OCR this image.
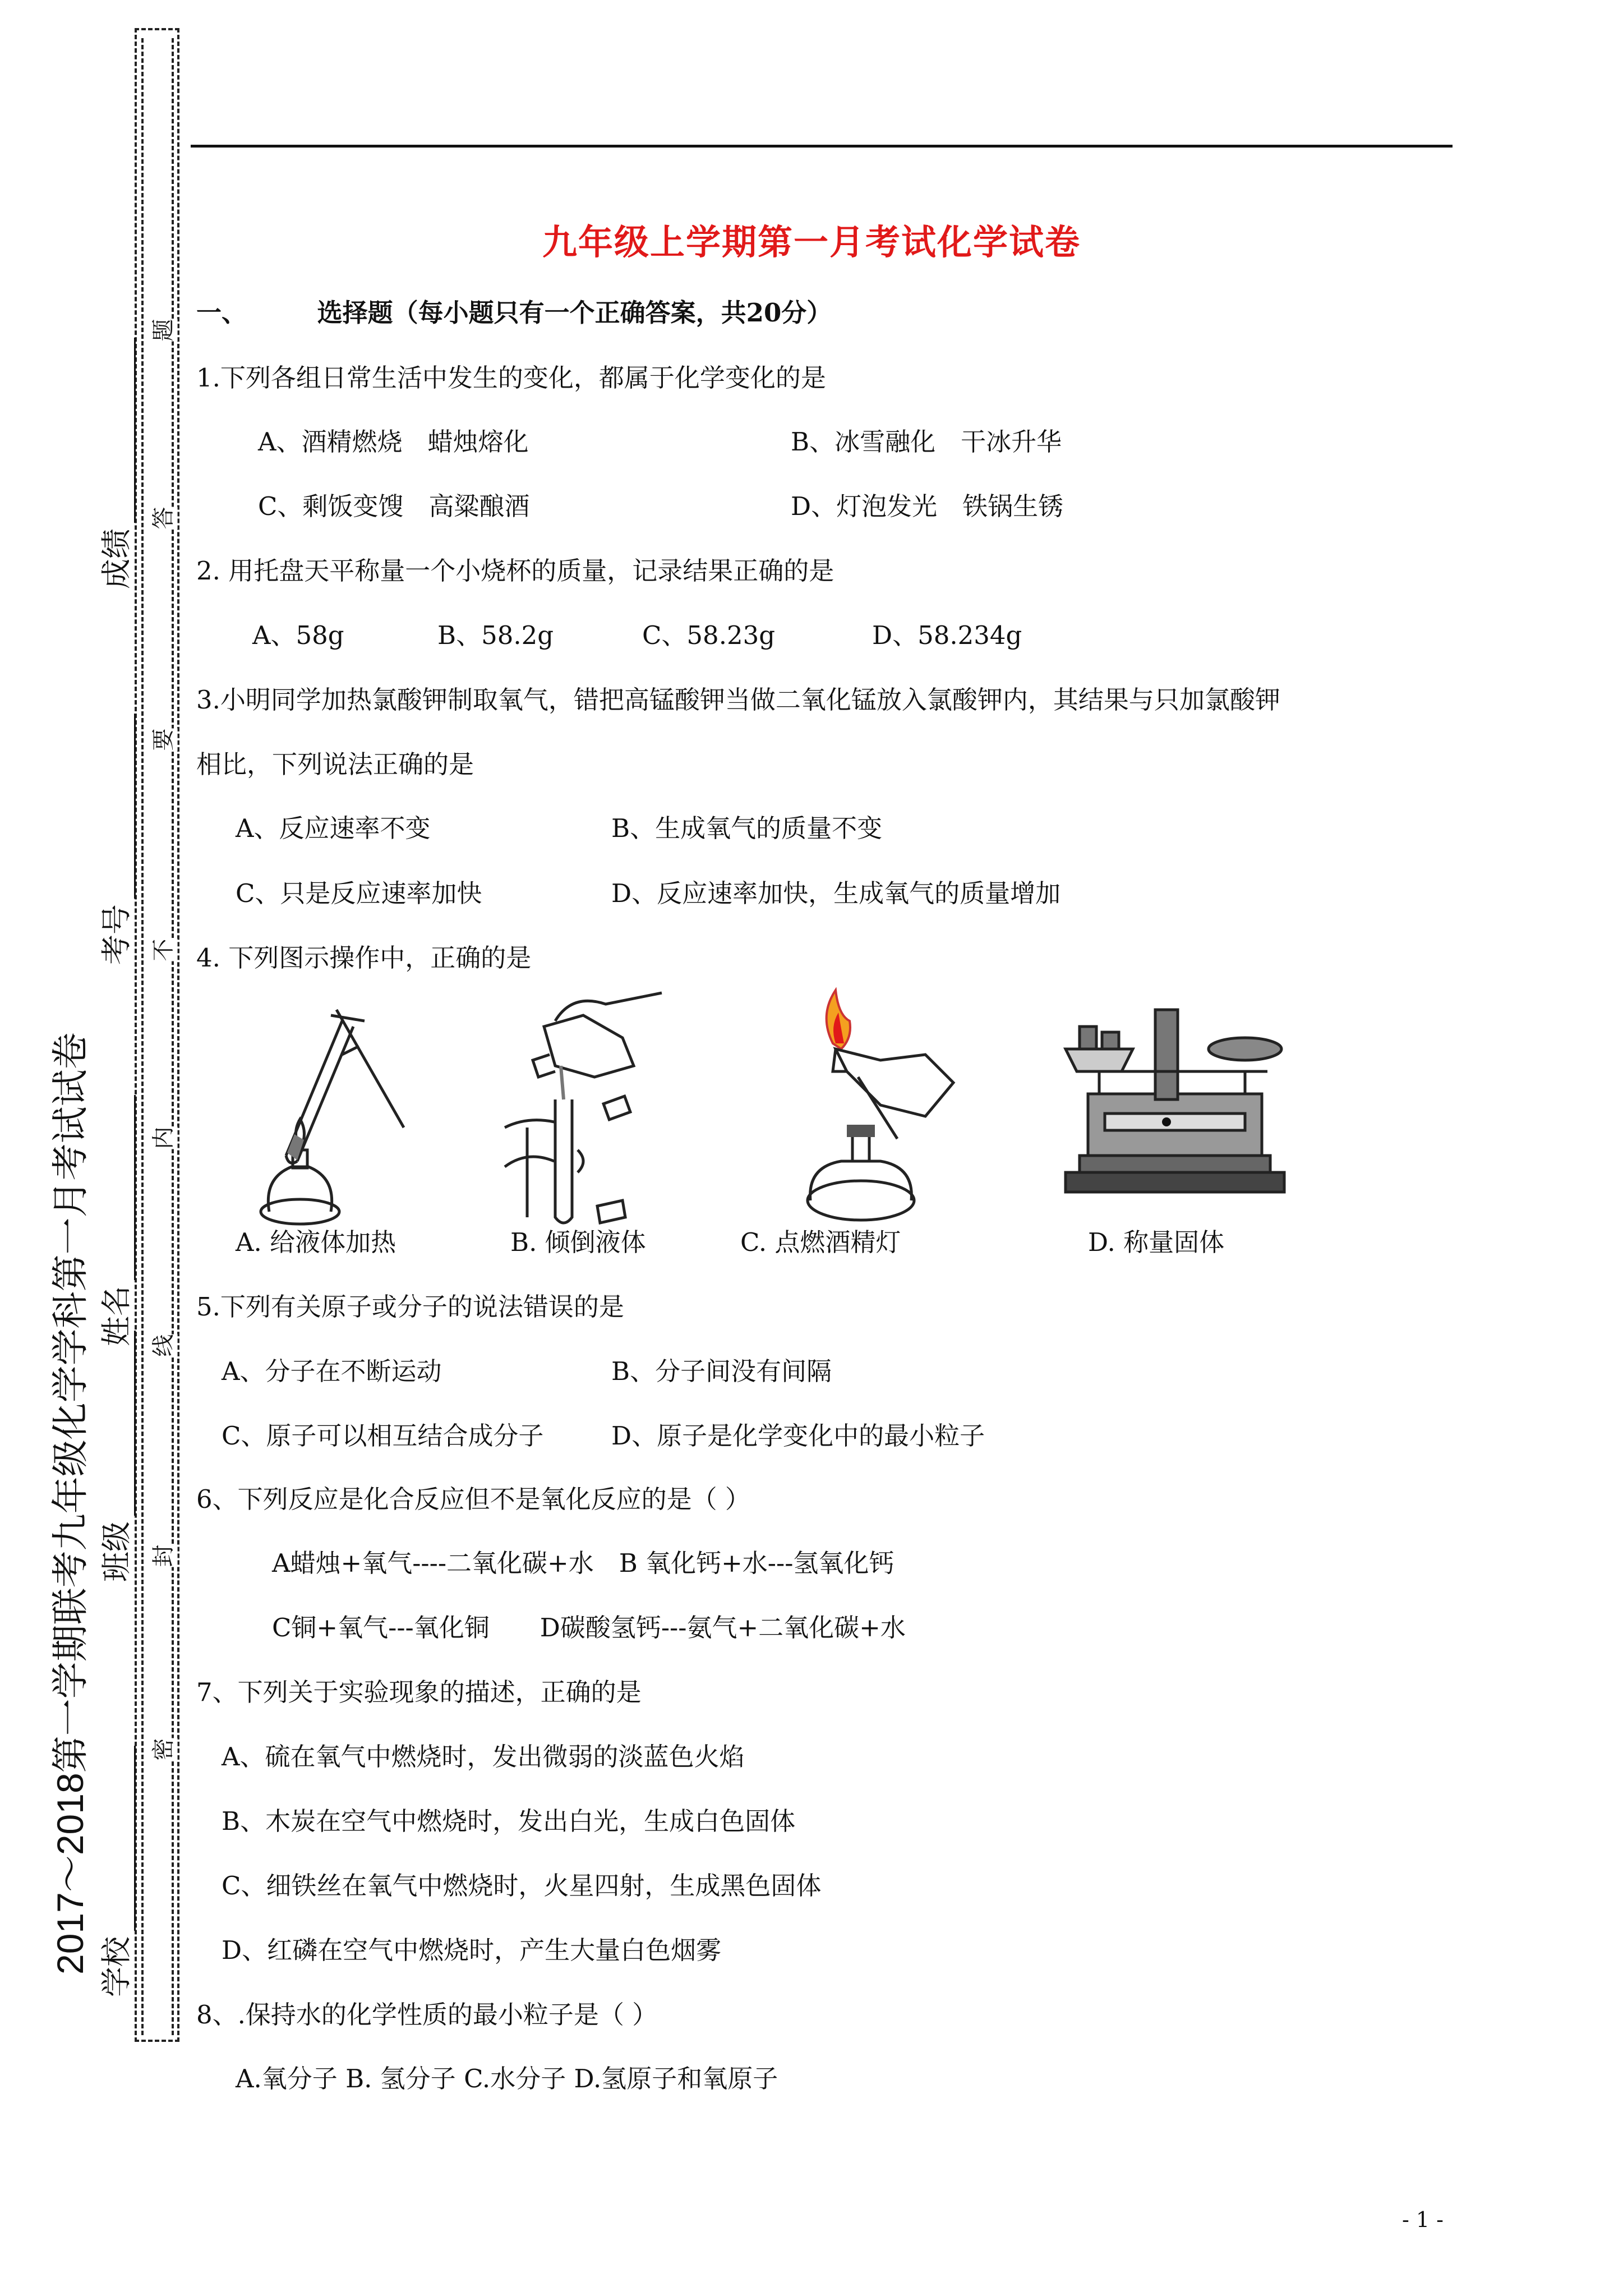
题
答
要
不
内
线
封
密
2017～2018第一学期联考九年级化学学科第一月考试试卷 学校
班级
姓名
考号
成绩
九年级上学期第一月考试化学试卷
一、	选择题（每小题只有一个正确答案，共20分）
1.下列各组日常生活中发生的变化，都属于化学变化的是
A、酒精燃烧　蜡烛熔化	B、冰雪融化　干冰升华
C、剩饭变馊　高粱酿酒	D、灯泡发光　铁锅生锈
2. 用托盘天平称量一个小烧杯的质量，记录结果正确的是
A、58g	B、58.2g	C、58.23g	D、58.234g
3.小明同学加热氯酸钾制取氧气，错把高锰酸钾当做二氧化锰放入氯酸钾内，其结果与只加氯酸钾
相比，下列说法正确的是
A、反应速率不变	B、生成氧气的质量不变
C、只是反应速率加快	D、反应速率加快，生成氧气的质量增加
4. 下列图示操作中，正确的是
A. 给液体加热	B. 倾倒液体	C. 点燃酒精灯	D. 称量固体
5.下列有关原子或分子的说法错误的是
A、分子在不断运动	B、分子间没有间隔
C、原子可以相互结合成分子	D、原子是化学变化中的最小粒子
6、下列反应是化合反应但不是氧化反应的是（ ）
A蜡烛+氧气----二氧化碳+水　B 氧化钙+水---氢氧化钙
C铜+氧气---氧化铜　　D碳酸氢钙---氨气+二氧化碳+水
7、下列关于实验现象的描述，正确的是
A、硫在氧气中燃烧时，发出微弱的淡蓝色火焰
B、木炭在空气中燃烧时，发出白光，生成白色固体
C、细铁丝在氧气中燃烧时，火星四射，生成黑色固体
D、红磷在空气中燃烧时，产生大量白色烟雾
8、.保持水的化学性质的最小粒子是（ ）
A.氧分子 B. 氢分子 C.水分子 D.氢原子和氧原子
- 1 -
